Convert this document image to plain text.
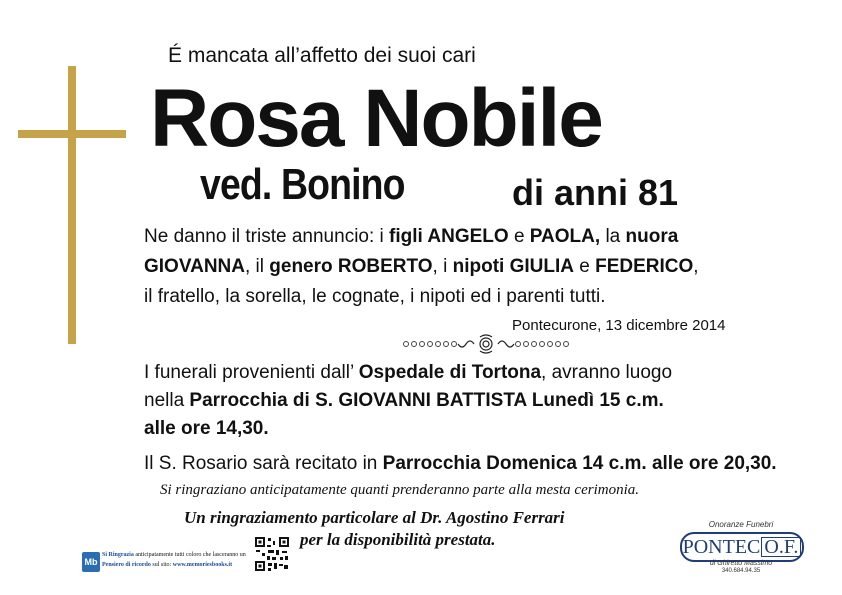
É mancata all’affetto dei suoi cari
Rosa Nobile
ved. Bonino	di anni 81
Ne danno il triste annuncio: i figli ANGELO e PAOLA, la nuora
GIOVANNA, il genero ROBERTO, i nipoti GIULIA e FEDERICO,
il fratello, la sorella, le cognate, i nipoti ed i parenti tutti.
Pontecurone, 13 dicembre 2014
I funerali provenienti dall’ Ospedale di Tortona, avranno luogo
nella Parrocchia di S. GIOVANNI BATTISTA Lunedì 15 c.m.
alle ore 14,30.
Il S. Rosario sarà recitato in Parrocchia Domenica 14 c.m. alle ore 20,30.
Si ringraziano anticipatamente quanti prenderanno parte alla mesta cerimonia.
Un ringraziamento particolare al Dr. Agostino Ferrari
per la disponibilità prestata.
Mb
Si Ringrazia anticipatamente tutti coloro che lasceranno un
Pensiero di ricordo sul sito: www.memoriesbooks.it
Onoranze Funebri
PONTEC O.F.
di Ghiretto Massimo
340.684.94.35
